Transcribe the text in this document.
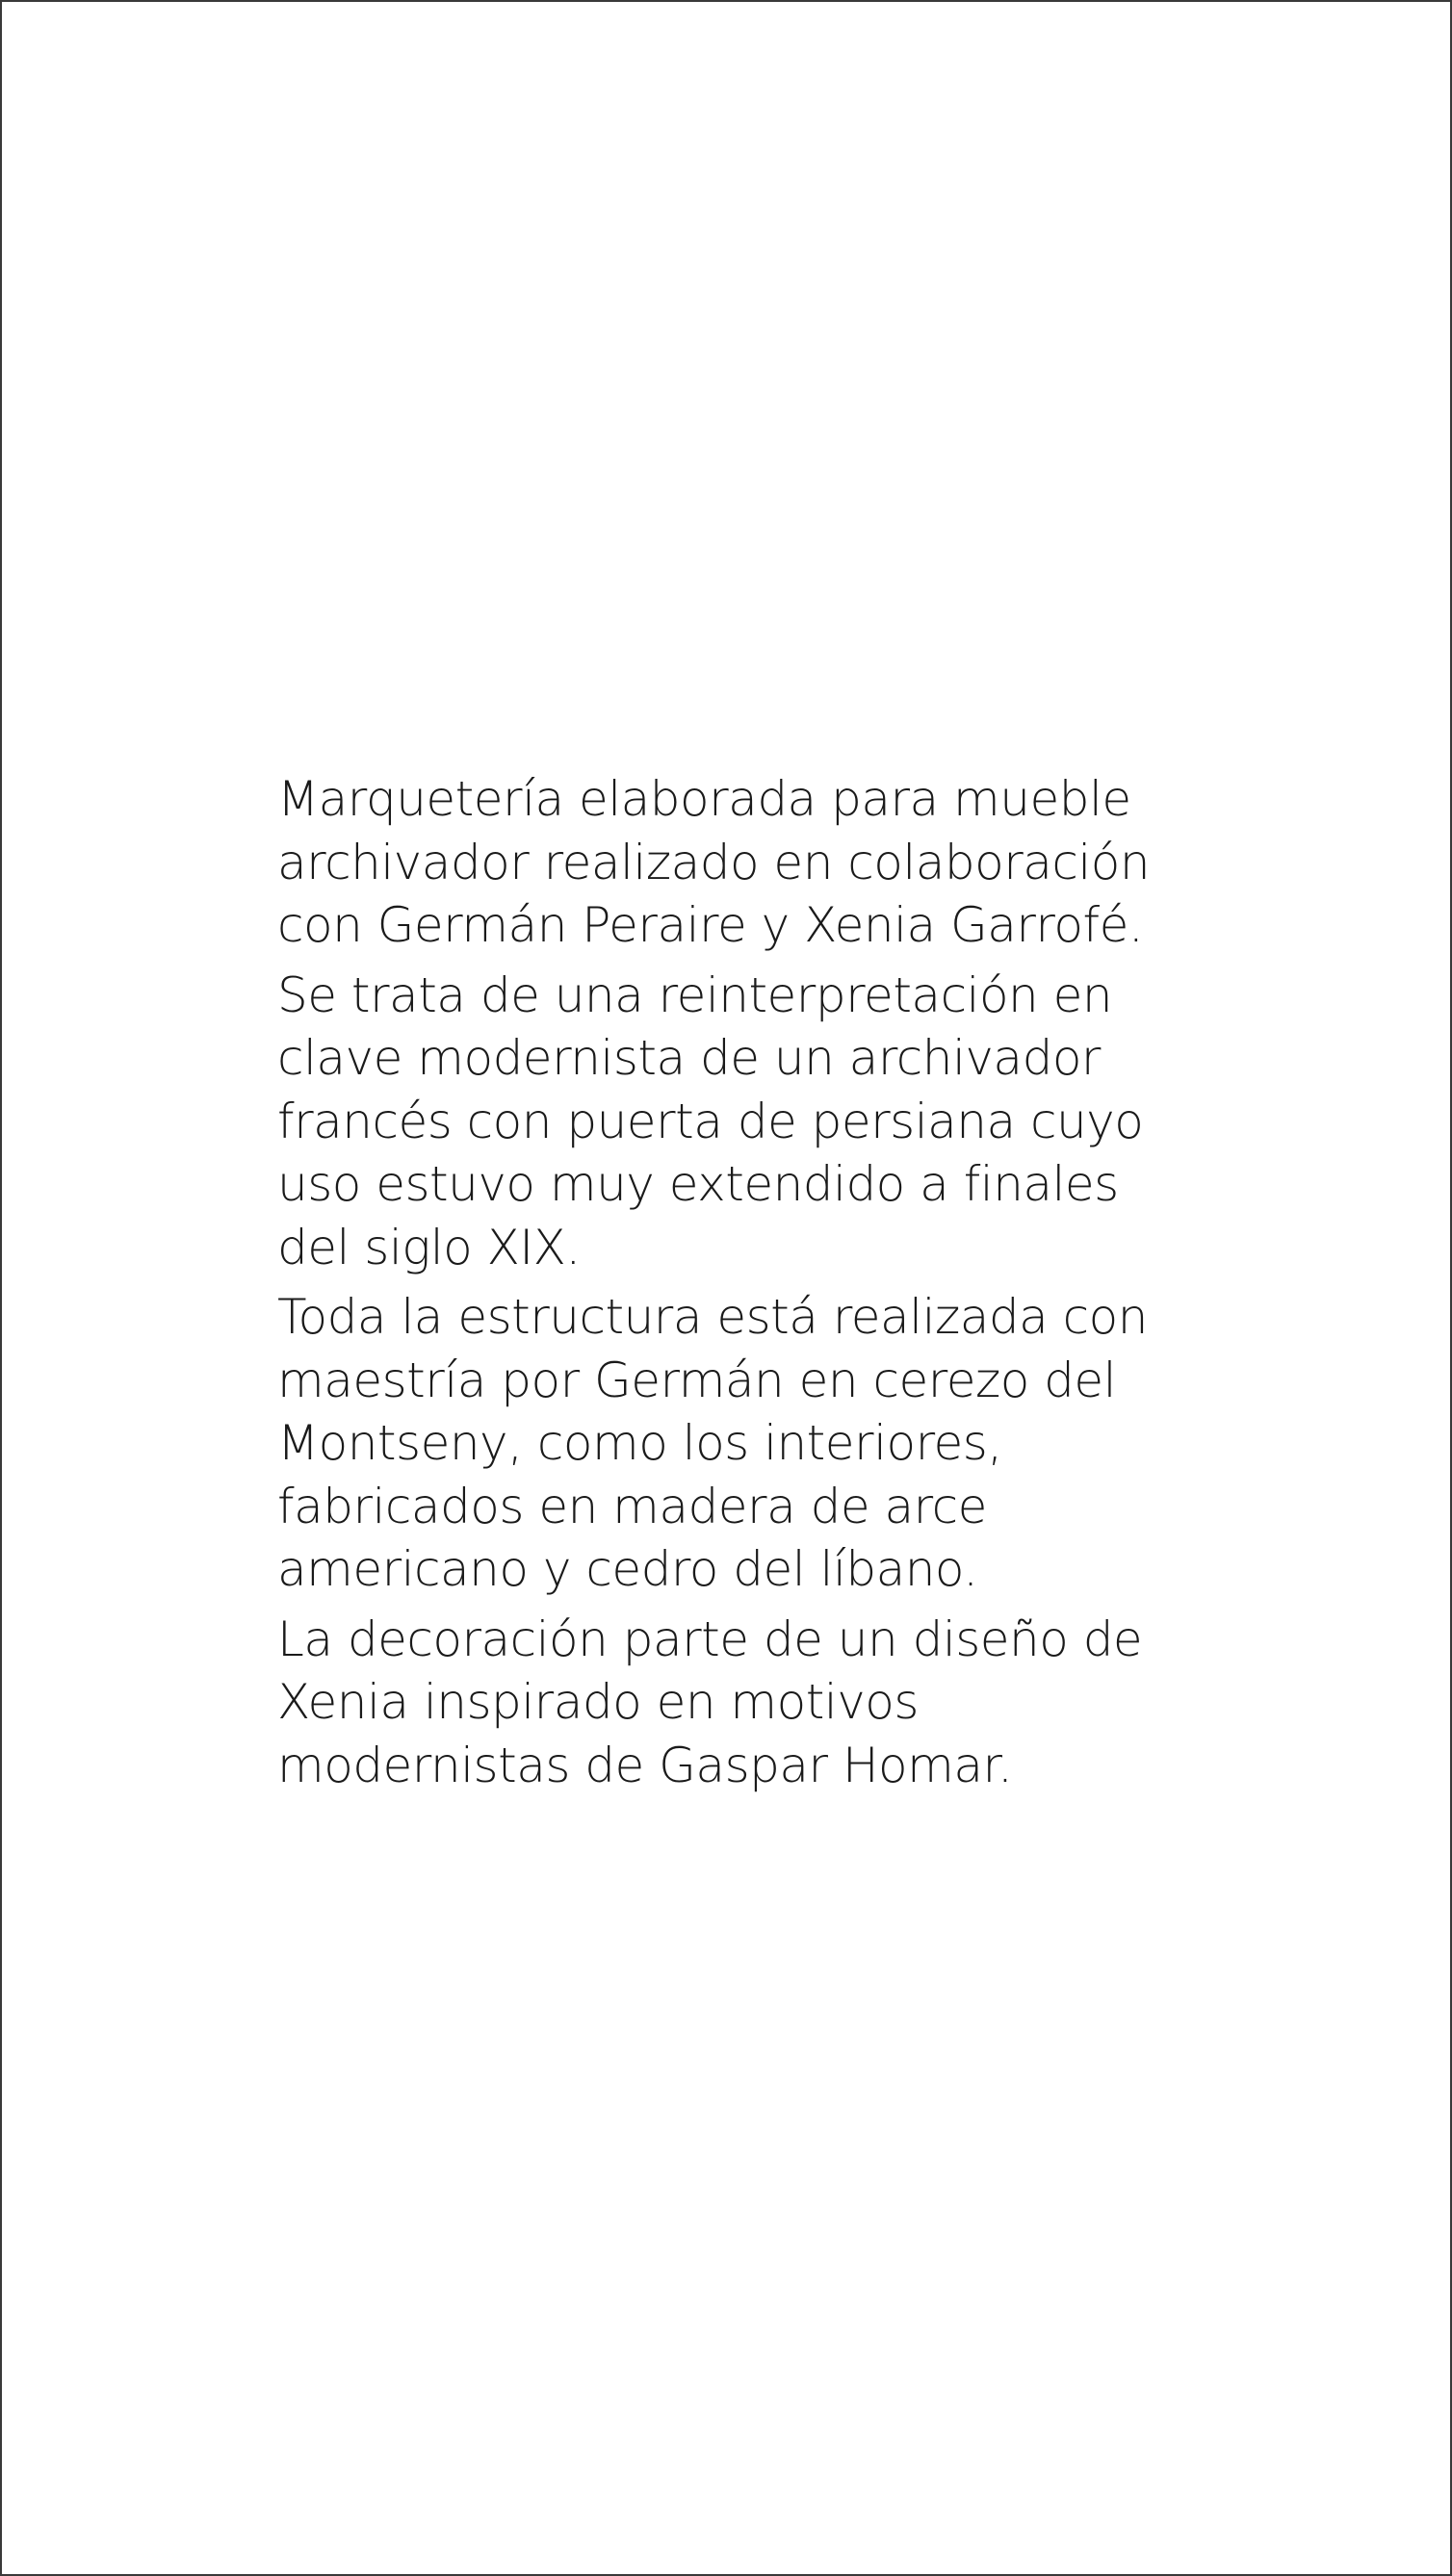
Marquetería elaborada para mueble
archivador realizado en colaboración
con Germán Peraire y Xenia Garrofé.

Se trata de una reinterpretación en
clave modernista de un archivador
francés con puerta de persiana cuyo
uso estuvo muy extendido a finales
del siglo XIX.

Toda la estructura está realizada con
maestría por Germán en cerezo del
Montseny, como los interiores,
fabricados en madera de arce
americano y cedro del líbano.

La decoración parte de un diseño de
Xenia inspirado en motivos
modernistas de Gaspar Homar.
